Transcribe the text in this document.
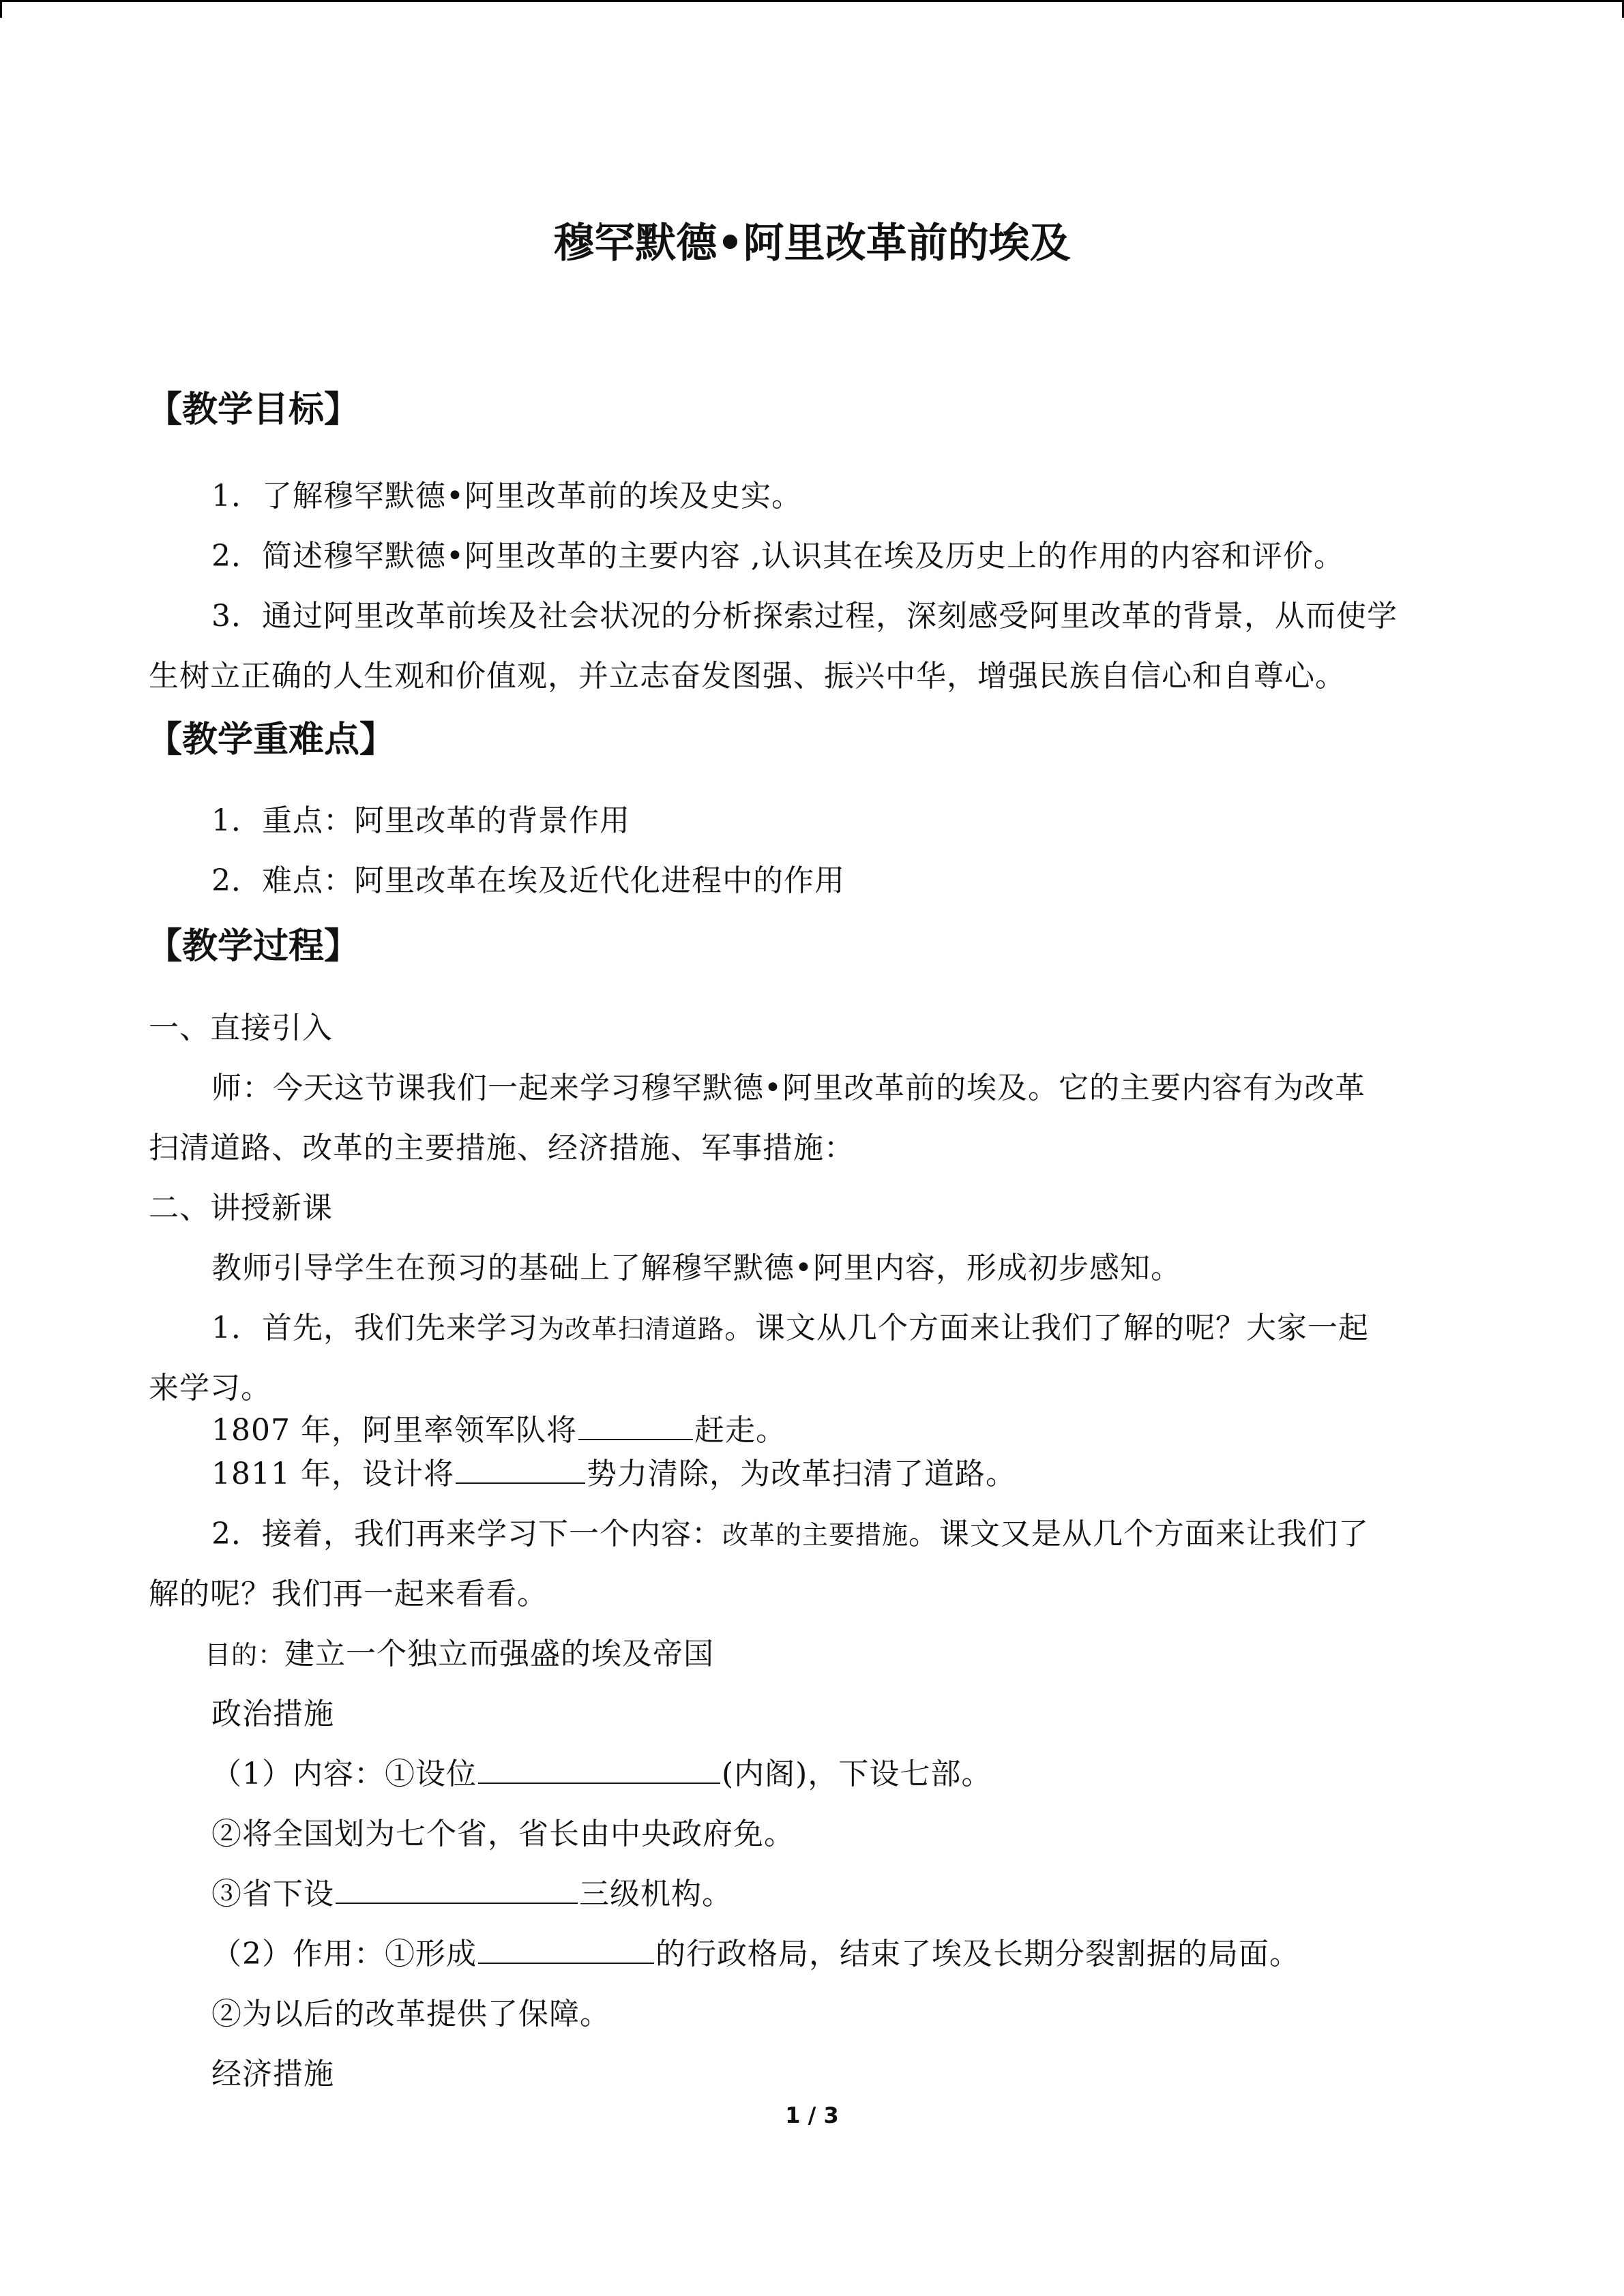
穆罕默德•阿里改革前的埃及
【教学目标】
1．了解穆罕默德•阿里改革前的埃及史实。
2．简述穆罕默德•阿里改革的主要内容 ,认识其在埃及历史上的作用的内容和评价。
3．通过阿里改革前埃及社会状况的分析探索过程，深刻感受阿里改革的背景，从而使学
生树立正确的人生观和价值观，并立志奋发图强、振兴中华，增强民族自信心和自尊心。
【教学重难点】
1．重点：阿里改革的背景作用
2．难点：阿里改革在埃及近代化进程中的作用
【教学过程】
一、直接引入
师：今天这节课我们一起来学习穆罕默德•阿里改革前的埃及。它的主要内容有为改革
扫清道路、改革的主要措施、经济措施、军事措施：
二、讲授新课
教师引导学生在预习的基础上了解穆罕默德•阿里内容，形成初步感知。
1．首先，我们先来学习为改革扫清道路。课文从几个方面来让我们了解的呢？大家一起
来学习。
1807 年，阿里率领军队将	赶走。
1811 年，设计将	势力清除，为改革扫清了道路。
2．接着，我们再来学习下一个内容：改革的主要措施。课文又是从几个方面来让我们了
解的呢？我们再一起来看看。
目的：建立一个独立而强盛的埃及帝国
政治措施
（1）内容：①设位	(内阁)，下设七部。
②将全国划为七个省，省长由中央政府免。
③省下设	三级机构。
（2）作用：①形成	的行政格局，结束了埃及长期分裂割据的局面。
②为以后的改革提供了保障。
经济措施
1 / 3
